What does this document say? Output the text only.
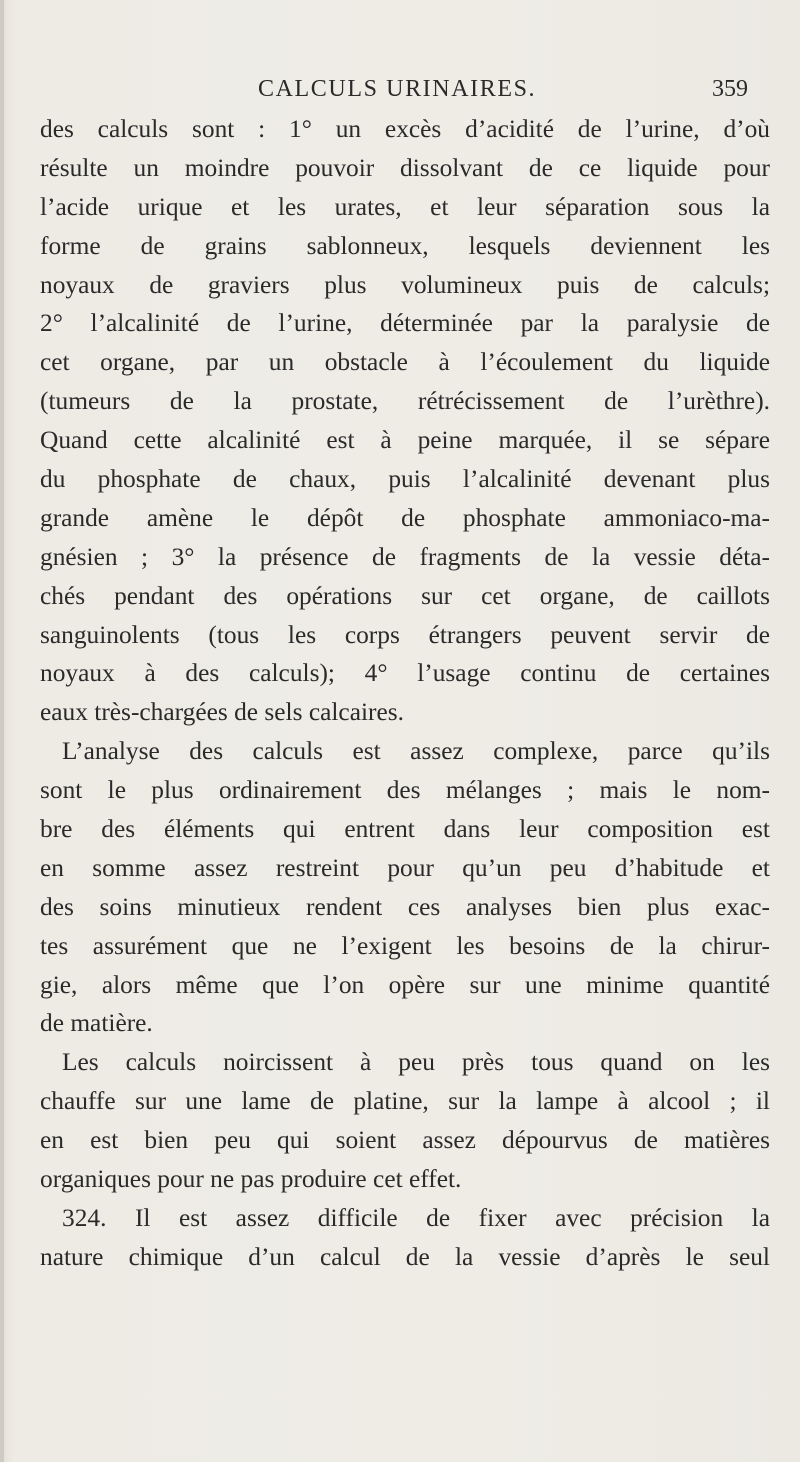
CALCULS URINAIRES.	359
des calculs sont : 1° un excès d’acidité de l’urine, d’où
résulte un moindre pouvoir dissolvant de ce liquide pour
l’acide urique et les urates, et leur séparation sous la
forme de grains sablonneux, lesquels deviennent les
noyaux de graviers plus volumineux puis de calculs;
2° l’alcalinité de l’urine, déterminée par la paralysie de
cet organe, par un obstacle à l’écoulement du liquide
(tumeurs de la prostate, rétrécissement de l’urèthre).
Quand cette alcalinité est à peine marquée, il se sépare
du phosphate de chaux, puis l’alcalinité devenant plus
grande amène le dépôt de phosphate ammoniaco-ma-
gnésien ; 3° la présence de fragments de la vessie déta-
chés pendant des opérations sur cet organe, de caillots
sanguinolents (tous les corps étrangers peuvent servir de
noyaux à des calculs); 4° l’usage continu de certaines
eaux très-chargées de sels calcaires.
L’analyse des calculs est assez complexe, parce qu’ils
sont le plus ordinairement des mélanges ; mais le nom-
bre des éléments qui entrent dans leur composition est
en somme assez restreint pour qu’un peu d’habitude et
des soins minutieux rendent ces analyses bien plus exac-
tes assurément que ne l’exigent les besoins de la chirur-
gie, alors même que l’on opère sur une minime quantité
de matière.
Les calculs noircissent à peu près tous quand on les
chauffe sur une lame de platine, sur la lampe à alcool ; il
en est bien peu qui soient assez dépourvus de matières
organiques pour ne pas produire cet effet.
324. Il est assez difficile de fixer avec précision la
nature chimique d’un calcul de la vessie d’après le seul
